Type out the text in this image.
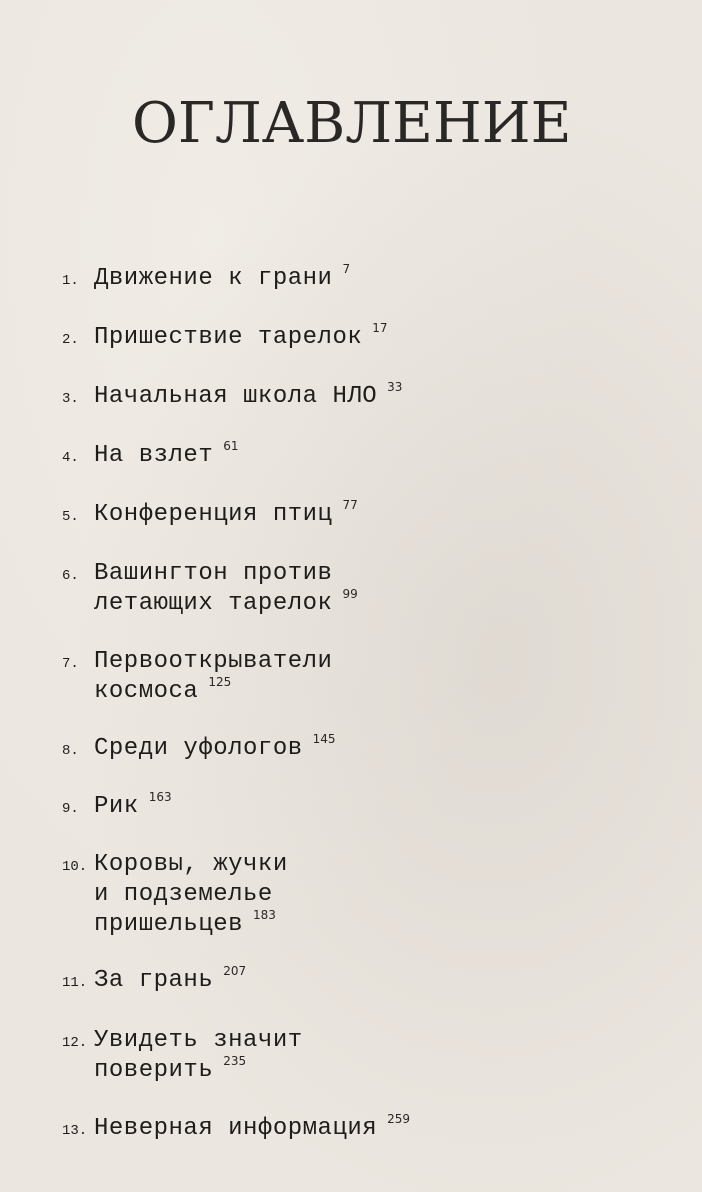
ОГЛАВЛЕНИЕ
1. Движение к грани $^7$
2. Пришествие тарелок $^{17}$
3. Начальная школа НЛО $^{33}$
4. На взлет $^{61}$
5. Конференция птиц $^{77}$
6. Вашингтон против
летающих тарелок $^{99}$
7. Первооткрыватели
космоса $^{125}$
8. Среди уфологов $^{145}$
9. Рик $^{163}$
10. Коровы, жучки
и подземелье
пришельцев $^{183}$
11. За грань $^{207}$
12. Увидеть значит
поверить $^{235}$
13. Неверная информация $^{259}$
